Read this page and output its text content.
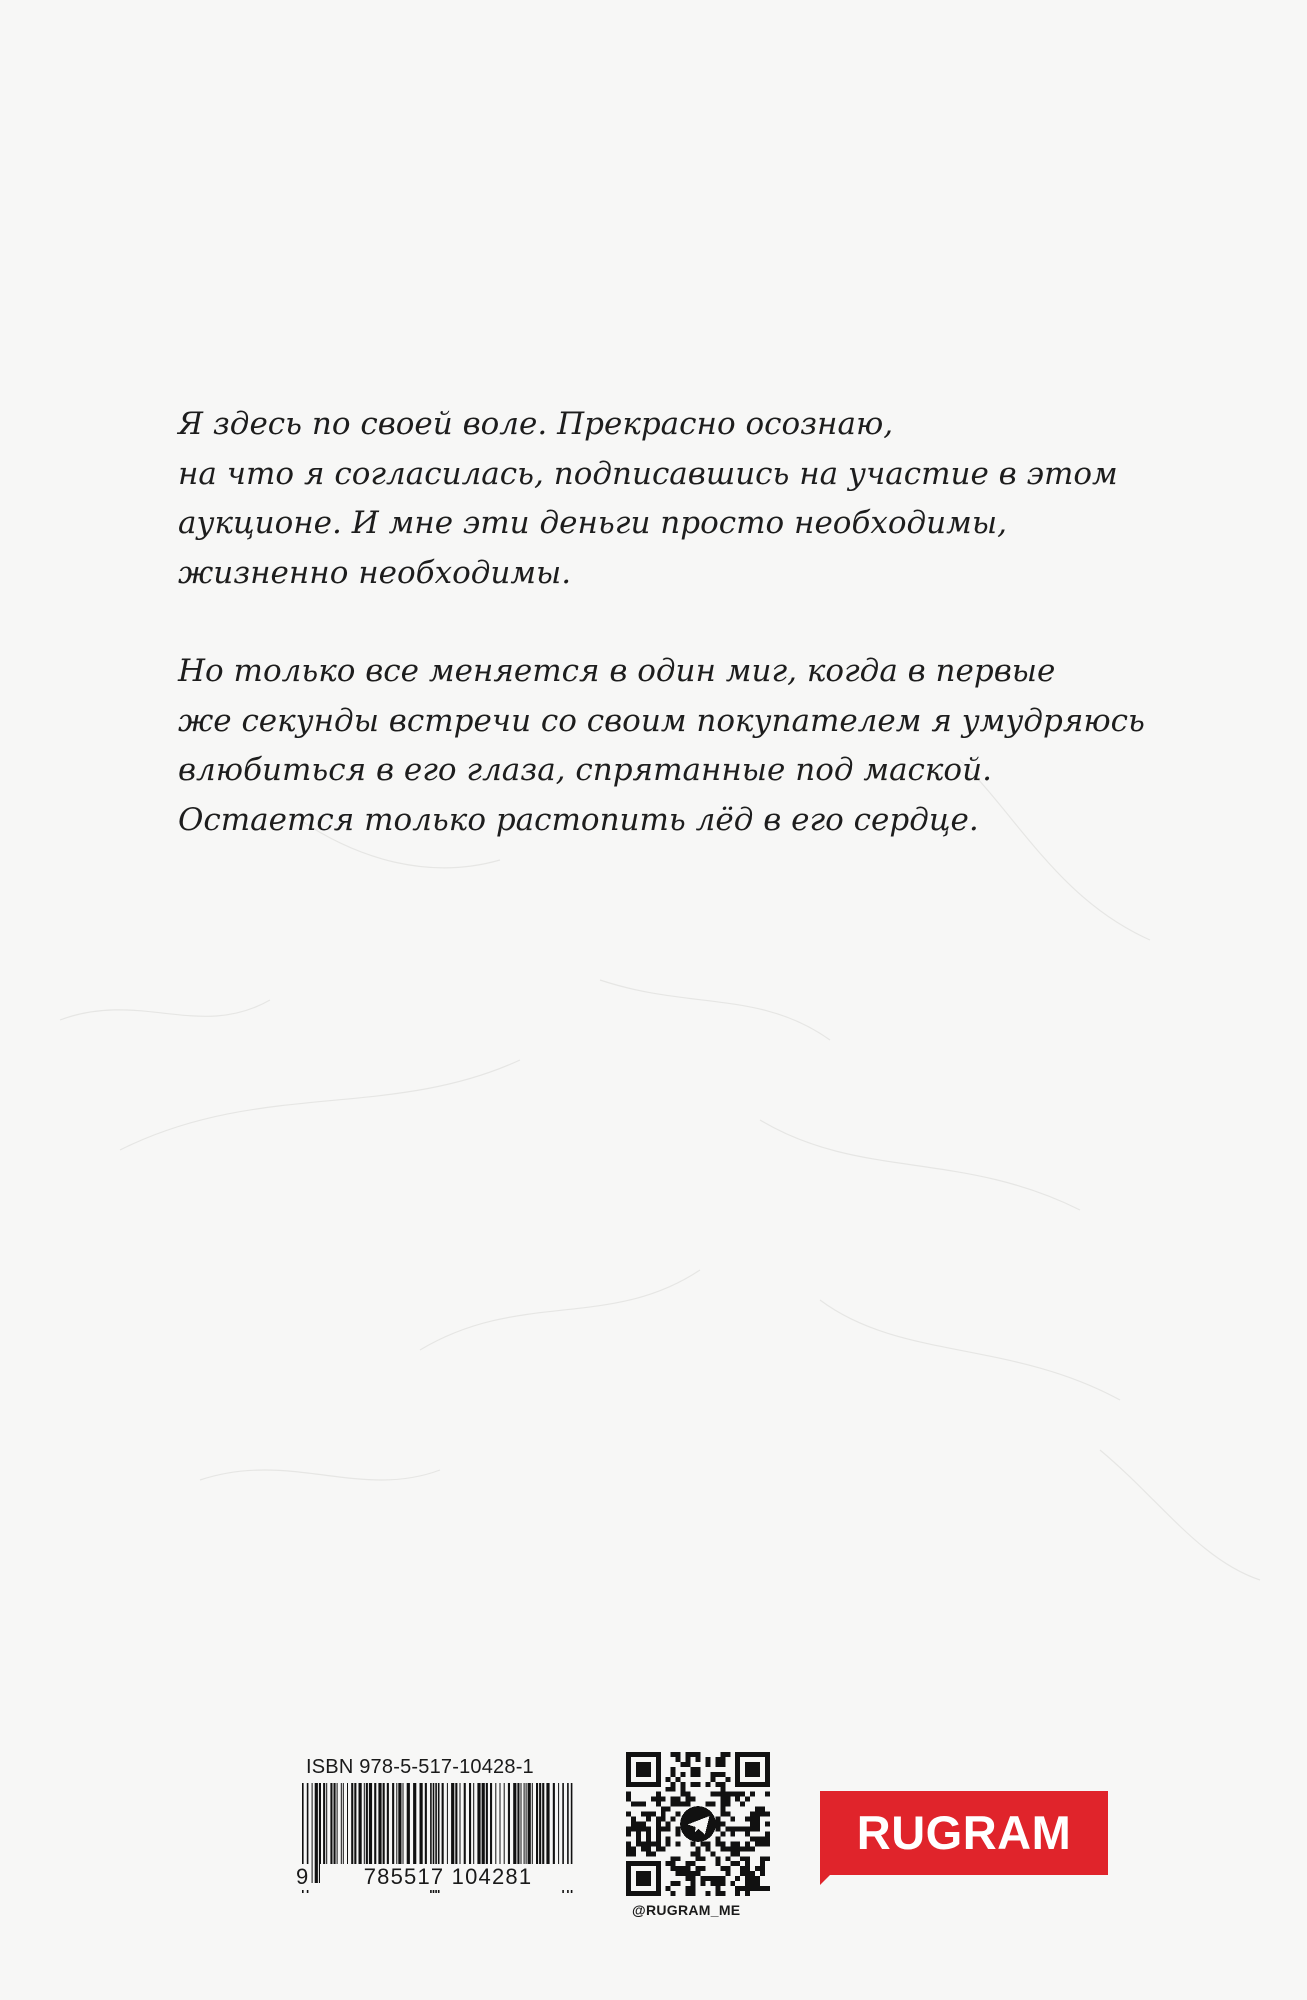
Я здесь по своей воле. Прекрасно осознаю,
на что я согласилась, подписавшись на участие в этом
аукционе. И мне эти деньги просто необходимы,
жизненно необходимы.

Но только все меняется в один миг, когда в первые
же секунды встречи со своим покупателем я умудряюсь
влюбиться в его глаза, спрятанные под маской.
Остается только растопить лёд в его сердце.

ISBN 978-5-517-10428-1
9	785517 104281
@RUGRAM_ME
RUGRAM
